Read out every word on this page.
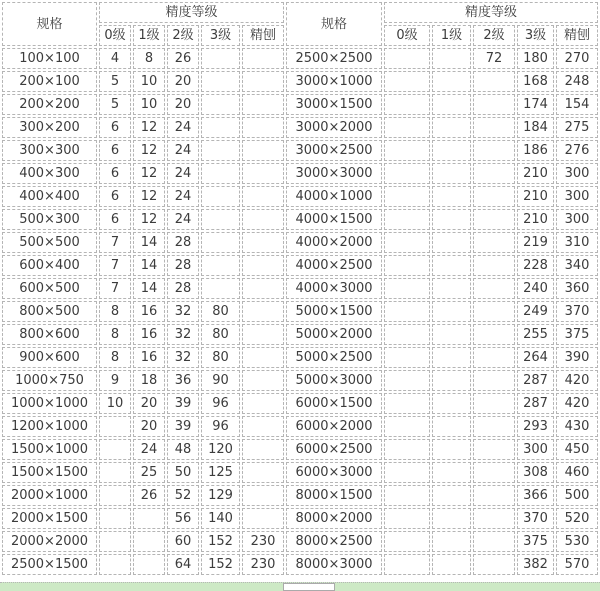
规格	精度等级					规格	精度等级				
	0级	1级	2级	3级	精刨		0级	1级	2级	3级	精刨
100×100	4	8	26			2500×2500			72	180	270
200×100	5	10	20			3000×1000				168	248
200×200	5	10	20			3000×1500				174	154
300×200	6	12	24			3000×2000				184	275
300×300	6	12	24			3000×2500				186	276
400×300	6	12	24			3000×3000				210	300
400×400	6	12	24			4000×1000				210	300
500×300	6	12	24			4000×1500				210	300
500×500	7	14	28			4000×2000				219	310
600×400	7	14	28			4000×2500				228	340
600×500	7	14	28			4000×3000				240	360
800×500	8	16	32	80		5000×1500				249	370
800×600	8	16	32	80		5000×2000				255	375
900×600	8	16	32	80		5000×2500				264	390
1000×750	9	18	36	90		5000×3000				287	420
1000×1000	10	20	39	96		6000×1500				287	420
1200×1000		20	39	96		6000×2000				293	430
1500×1000		24	48	120		6000×2500				300	450
1500×1500		25	50	125		6000×3000				308	460
2000×1000		26	52	129		8000×1500				366	500
2000×1500			56	140		8000×2000				370	520
2000×2000			60	152	230	8000×2500				375	530
2500×1500			64	152	230	8000×3000				382	570
